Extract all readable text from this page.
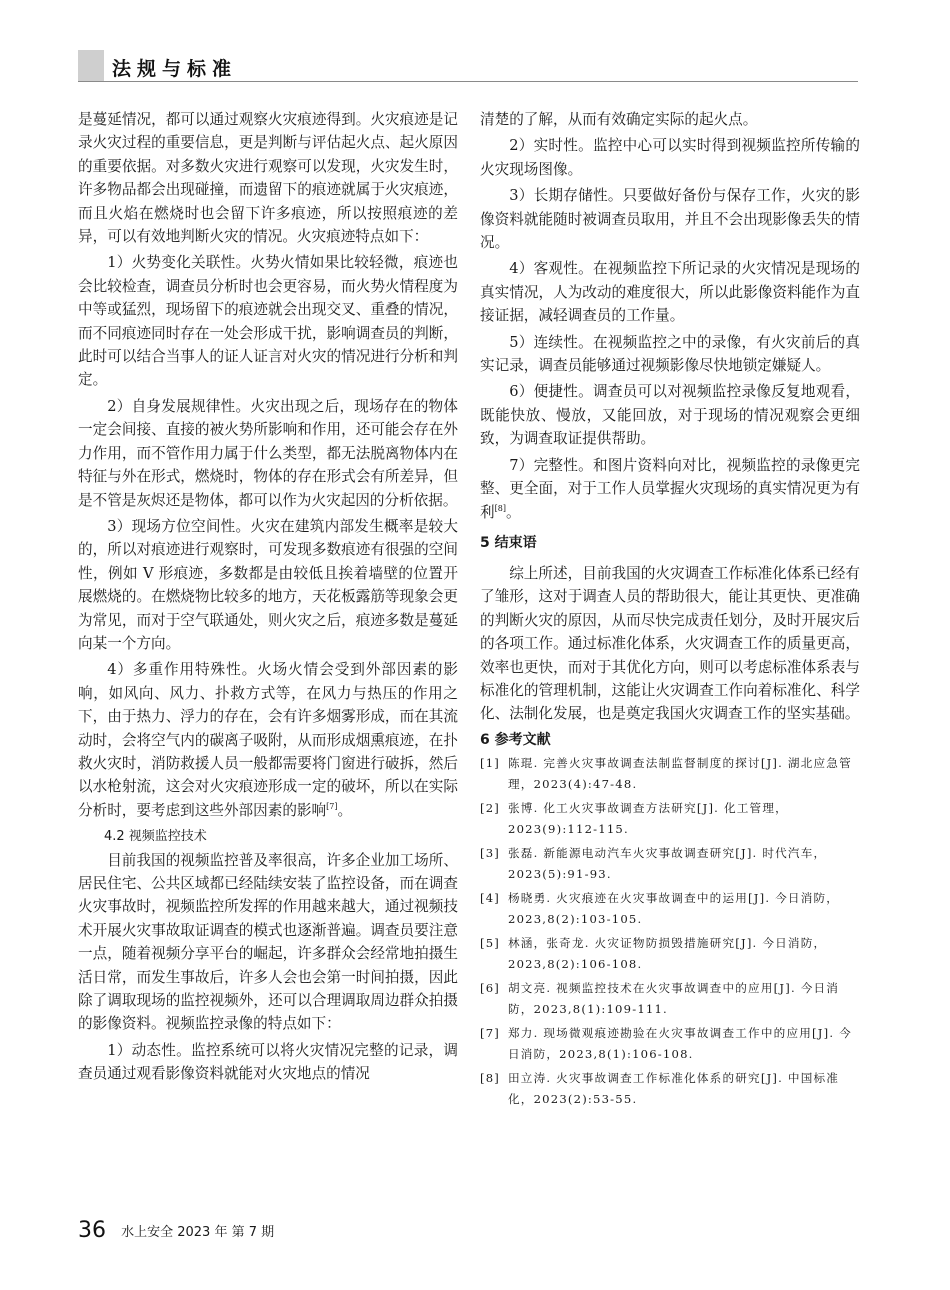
法规与标准

是蔓延情况，都可以通过观察火灾痕迹得到。火灾痕迹是记录火灾过程的重要信息，更是判断与评估起火点、起火原因的重要依据。对多数火灾进行观察可以发现，火灾发生时，许多物品都会出现碰撞，而遗留下的痕迹就属于火灾痕迹，而且火焰在燃烧时也会留下许多痕迹，所以按照痕迹的差异，可以有效地判断火灾的情况。火灾痕迹特点如下：

1）火势变化关联性。火势火情如果比较轻微，痕迹也会比较检查，调查员分析时也会更容易，而火势火情程度为中等或猛烈，现场留下的痕迹就会出现交叉、重叠的情况，而不同痕迹同时存在一处会形成干扰，影响调查员的判断，此时可以结合当事人的证人证言对火灾的情况进行分析和判定。

2）自身发展规律性。火灾出现之后，现场存在的物体一定会间接、直接的被火势所影响和作用，还可能会存在外力作用，而不管作用力属于什么类型，都无法脱离物体内在特征与外在形式，燃烧时，物体的存在形式会有所差异，但是不管是灰烬还是物体，都可以作为火灾起因的分析依据。

3）现场方位空间性。火灾在建筑内部发生概率是较大的，所以对痕迹进行观察时，可发现多数痕迹有很强的空间性，例如 V 形痕迹，多数都是由较低且挨着墙壁的位置开展燃烧的。在燃烧物比较多的地方，天花板露筋等现象会更为常见，而对于空气联通处，则火灾之后，痕迹多数是蔓延向某一个方向。

4）多重作用特殊性。火场火情会受到外部因素的影响，如风向、风力、扑救方式等，在风力与热压的作用之下，由于热力、浮力的存在，会有许多烟雾形成，而在其流动时，会将空气内的碳离子吸附，从而形成烟熏痕迹，在扑救火灾时，消防救援人员一般都需要将门窗进行破拆，然后以水枪射流，这会对火灾痕迹形成一定的破坏，所以在实际分析时，要考虑到这些外部因素的影响[7]。

4.2 视频监控技术

目前我国的视频监控普及率很高，许多企业加工场所、居民住宅、公共区域都已经陆续安装了监控设备，而在调查火灾事故时，视频监控所发挥的作用越来越大，通过视频技术开展火灾事故取证调查的模式也逐渐普遍。调查员要注意一点，随着视频分享平台的崛起，许多群众会经常地拍摄生活日常，而发生事故后，许多人会也会第一时间拍摄，因此除了调取现场的监控视频外，还可以合理调取周边群众拍摄的影像资料。视频监控录像的特点如下：

1）动态性。监控系统可以将火灾情况完整的记录，调查员通过观看影像资料就能对火灾地点的情况

清楚的了解，从而有效确定实际的起火点。

2）实时性。监控中心可以实时得到视频监控所传输的火灾现场图像。

3）长期存储性。只要做好备份与保存工作，火灾的影像资料就能随时被调查员取用，并且不会出现影像丢失的情况。

4）客观性。在视频监控下所记录的火灾情况是现场的真实情况，人为改动的难度很大，所以此影像资料能作为直接证据，减轻调查员的工作量。

5）连续性。在视频监控之中的录像，有火灾前后的真实记录，调查员能够通过视频影像尽快地锁定嫌疑人。

6）便捷性。调查员可以对视频监控录像反复地观看，既能快放、慢放，又能回放，对于现场的情况观察会更细致，为调查取证提供帮助。

7）完整性。和图片资料向对比，视频监控的录像更完整、更全面，对于工作人员掌握火灾现场的真实情况更为有利[8]。

5 结束语

综上所述，目前我国的火灾调查工作标准化体系已经有了雏形，这对于调查人员的帮助很大，能让其更快、更准确的判断火灾的原因，从而尽快完成责任划分，及时开展灾后的各项工作。通过标准化体系，火灾调查工作的质量更高，效率也更快，而对于其优化方向，则可以考虑标准体系表与标准化的管理机制，这能让火灾调查工作向着标准化、科学化、法制化发展，也是奠定我国火灾调查工作的坚实基础。

6 参考文献
[1] 陈琨. 完善火灾事故调查法制监督制度的探讨[J]. 湖北应急管理，2023(4):47-48.
[2] 张博. 化工火灾事故调查方法研究[J]. 化工管理，2023(9):112-115.
[3] 张磊. 新能源电动汽车火灾事故调查研究[J]. 时代汽车，2023(5):91-93.
[4] 杨晓勇. 火灾痕迹在火灾事故调查中的运用[J]. 今日消防，2023,8(2):103-105.
[5] 林涵，张奇龙. 火灾证物防损毁措施研究[J]. 今日消防，2023,8(2):106-108.
[6] 胡文亮. 视频监控技术在火灾事故调查中的应用[J]. 今日消防，2023,8(1):109-111.
[7] 郑力. 现场微观痕迹勘验在火灾事故调查工作中的应用[J]. 今日消防，2023,8(1):106-108.
[8] 田立涛. 火灾事故调查工作标准化体系的研究[J]. 中国标准化，2023(2):53-55.
36 水上安全 2023 年 第 7 期
